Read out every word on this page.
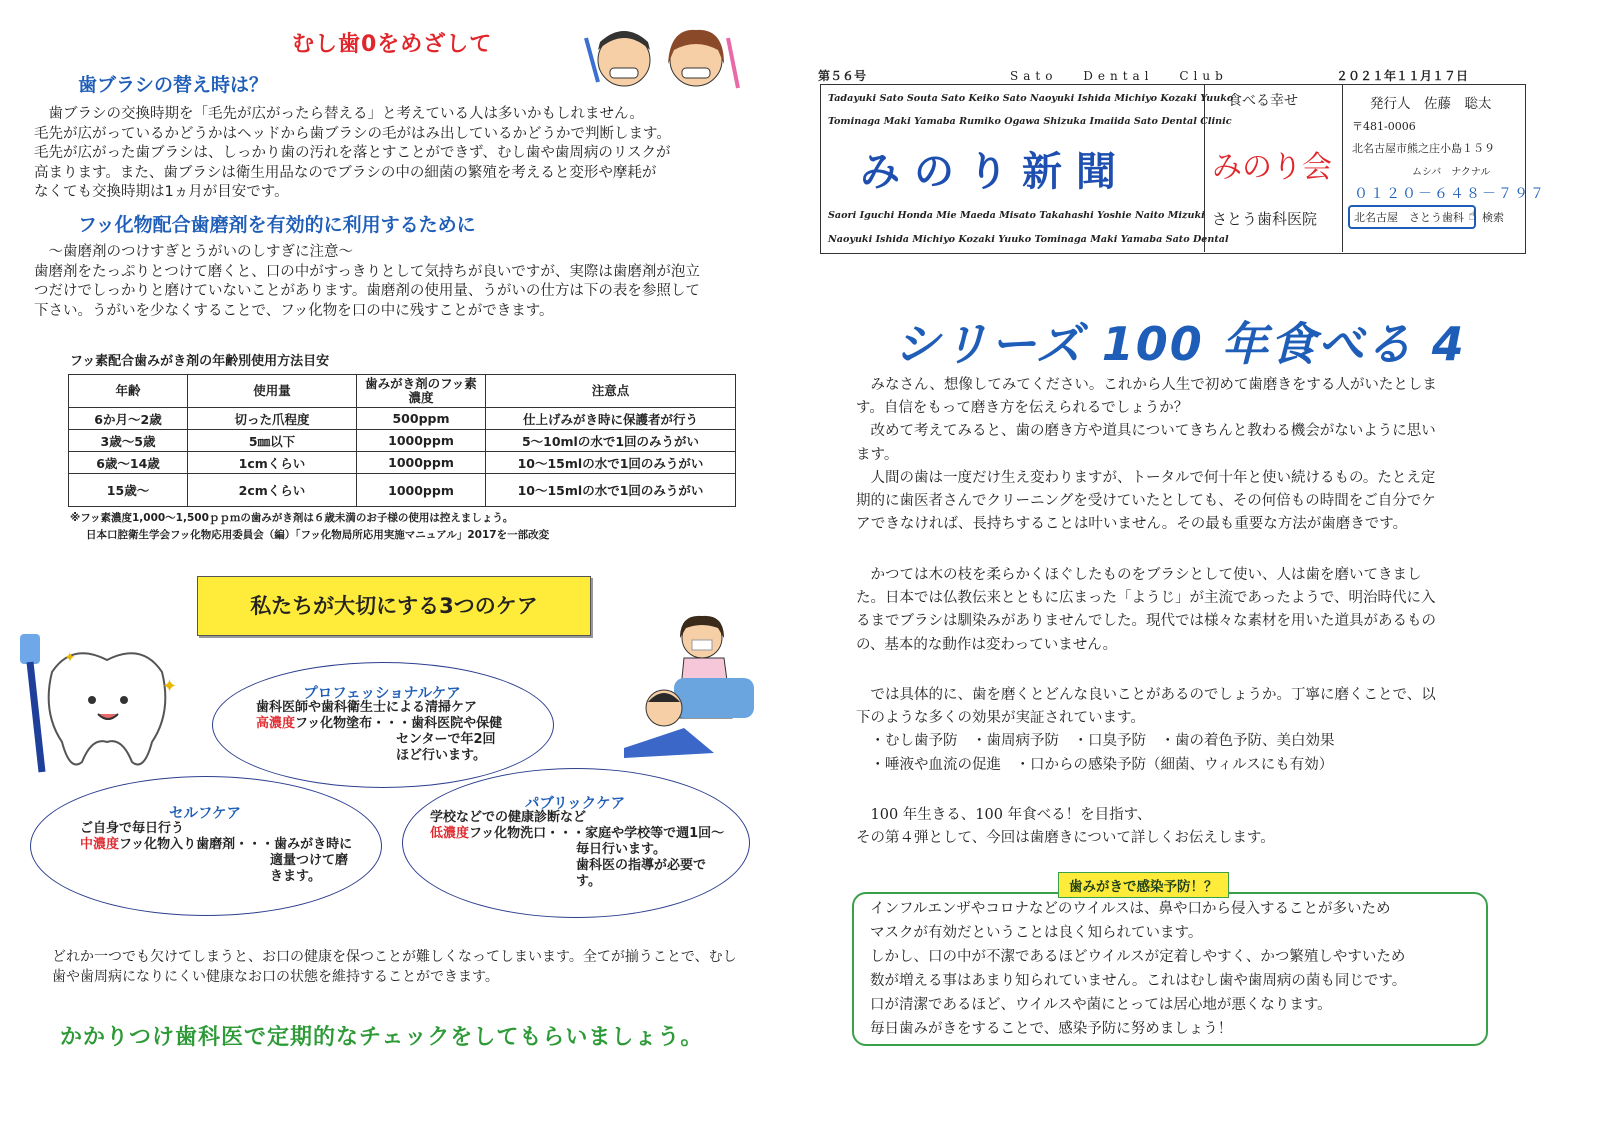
むし歯0をめざして
歯ブラシの替え時は？

　歯ブラシの交換時期を「毛先が広がったら替える」と考えている人は多いかもしれません。

毛先が広がっているかどうかはヘッドから歯ブラシの毛がはみ出しているかどうかで判断します。

毛先が広がった歯ブラシは、しっかり歯の汚れを落とすことができず、むし歯や歯周病のリスクが

高まります。また、歯ブラシは衛生用品なのでブラシの中の細菌の繁殖を考えると変形や摩耗が

なくても交換時期は1ヵ月が目安です。

フッ化物配合歯磨剤を有効的に利用するために

　～歯磨剤のつけすぎとうがいのしすぎに注意～

歯磨剤をたっぷりとつけて磨くと、口の中がすっきりとして気持ちが良いですが、実際は歯磨剤が泡立

つだけでしっかりと磨けていないことがあります。歯磨剤の使用量、うがいの仕方は下の表を参照して

下さい。うがいを少なくすることで、フッ化物を口の中に残すことができます。

フッ素配合歯みがき剤の年齢別使用方法目安
年齢	使用量	歯みがき剤のフッ素濃度	注意点
6か月～2歳	切った爪程度	500ppm	仕上げみがき時に保護者が行う
3歳～5歳	5㎜以下	1000ppm	5～10mlの水で1回のみうがい
6歳～14歳	1cmくらい	1000ppm	10～15mlの水で1回のみうがい
15歳～	2cmくらい	1000ppm	10～15mlの水で1回のみうがい
※フッ素濃度1,000～1,500ｐｐｍの歯みがき剤は６歳未満のお子様の使用は控えましょう。
日本口腔衛生学会フッ化物応用委員会（編）「フッ化物局所応用実施マニュアル」2017を一部改変
私たちが大切にする3つのケア
✦
✦
プロフェッショナルケア
歯科医師や歯科衛生士による清掃ケア
高濃度フッ化物塗布・・・歯科医院や保健
センターで年2回
ほど行います。
セルフケア
ご自身で毎日行う
中濃度フッ化物入り歯磨剤・・・歯みがき時に
適量つけて磨
きます。
パブリックケア
学校などでの健康診断など
低濃度フッ化物洗口・・・家庭や学校等で週1回～
毎日行います。
歯科医の指導が必要で
す。

どれか一つでも欠けてしまうと、お口の健康を保つことが難しくなってしまいます。全てが揃うことで、むし

歯や歯周病になりにくい健康なお口の状態を維持することができます。

かかりつけ歯科医で定期的なチェックをしてもらいましょう。
第５６号	Sato　 Dental　 Club	２０２１年１１月１７日
Tadayuki Sato Souta Sato Keiko Sato Naoyuki Ishida Michiyo Kozaki Yuuko
Tominaga Maki Yamaba Rumiko Ogawa Shizuka Imaiida Sato Dental Clinic
みのり新聞
Saori Iguchi Honda Mie Maeda Misato Takahashi Yoshie Naito Mizuki
Naoyuki Ishida Michiyo Kozaki Yuuko Tominaga Maki Yamaba Sato Dental
食べる幸せ
みのり会
さとう歯科医院
発行人　佐藤　聡太
〒481-0006
北名古屋市熊之庄小島１５９
ムシバ　ナクナル
０１２０－６４８－７９７
北名古屋　さとう歯科 ☝ 検索
シリーズ 100 年食べる 4

　みなさん、想像してみてください。これから人生で初めて歯磨きをする人がいたとしま

す。自信をもって磨き方を伝えられるでしょうか？

　改めて考えてみると、歯の磨き方や道具についてきちんと教わる機会がないように思い

ます。

　人間の歯は一度だけ生え変わりますが、トータルで何十年と使い続けるもの。たとえ定

期的に歯医者さんでクリーニングを受けていたとしても、その何倍もの時間をご自分でケ

アできなければ、長持ちすることは叶いません。その最も重要な方法が歯磨きです。

　かつては木の枝を柔らかくほぐしたものをブラシとして使い、人は歯を磨いてきまし

た。日本では仏教伝来とともに広まった「ようじ」が主流であったようで、明治時代に入

るまでブラシは馴染みがありませんでした。現代では様々な素材を用いた道具があるもの

の、基本的な動作は変わっていません。

　では具体的に、歯を磨くとどんな良いことがあるのでしょうか。丁寧に磨くことで、以

下のような多くの効果が実証されています。

　・むし歯予防　・歯周病予防　・口臭予防　・歯の着色予防、美白効果

　・唾液や血流の促進　・口からの感染予防（細菌、ウィルスにも有効）

　100 年生きる、100 年食べる！を目指す、

その第４弾として、今回は歯磨きについて詳しくお伝えします。

歯みがきで感染予防！？

インフルエンザやコロナなどのウイルスは、鼻や口から侵入することが多いため

マスクが有効だということは良く知られています。

しかし、口の中が不潔であるほどウイルスが定着しやすく、かつ繁殖しやすいため

数が増える事はあまり知られていません。これはむし歯や歯周病の菌も同じです。

口が清潔であるほど、ウイルスや菌にとっては居心地が悪くなります。

毎日歯みがきをすることで、感染予防に努めましょう！
